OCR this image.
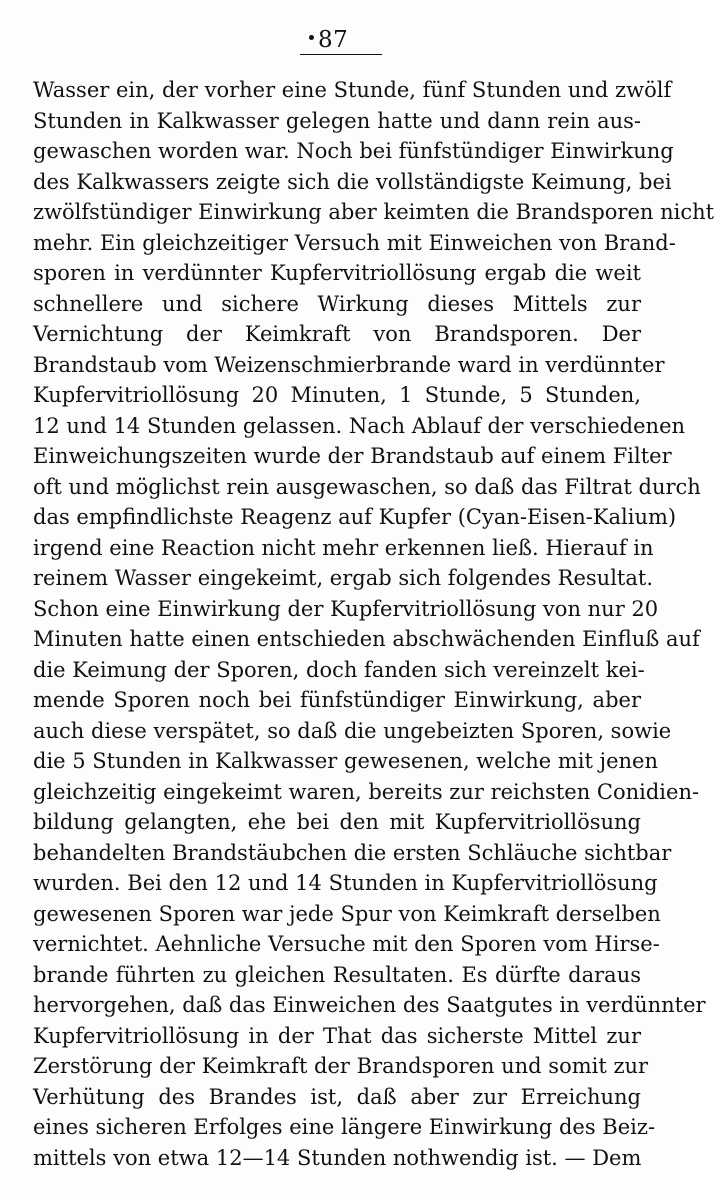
87
Wasser ein, der vorher eine Stunde, fünf Stunden und zwölf
Stunden in Kalkwasser gelegen hatte und dann rein aus-
gewaschen worden war. Noch bei fünfstündiger Einwirkung
des Kalkwassers zeigte sich die vollständigste Keimung, bei
zwölfstündiger Einwirkung aber keimten die Brandsporen nicht
mehr. Ein gleichzeitiger Versuch mit Einweichen von Brand-
sporen in verdünnter Kupfervitriollösung ergab die weit
schnellere und sichere Wirkung dieses Mittels zur
Vernichtung der Keimkraft von Brandsporen. Der
Brandstaub vom Weizenschmierbrande ward in verdünnter
Kupfervitriollösung 20 Minuten, 1 Stunde, 5 Stunden,
12 und 14 Stunden gelassen. Nach Ablauf der verschiedenen
Einweichungszeiten wurde der Brandstaub auf einem Filter
oft und möglichst rein ausgewaschen, so daß das Filtrat durch
das empfindlichste Reagenz auf Kupfer (Cyan-Eisen-Kalium)
irgend eine Reaction nicht mehr erkennen ließ. Hierauf in
reinem Wasser eingekeimt, ergab sich folgendes Resultat.
Schon eine Einwirkung der Kupfervitriollösung von nur 20
Minuten hatte einen entschieden abschwächenden Einfluß auf
die Keimung der Sporen, doch fanden sich vereinzelt kei-
mende Sporen noch bei fünfstündiger Einwirkung, aber
auch diese verspätet, so daß die ungebeizten Sporen, sowie
die 5 Stunden in Kalkwasser gewesenen, welche mit jenen
gleichzeitig eingekeimt waren, bereits zur reichsten Conidien-
bildung gelangten, ehe bei den mit Kupfervitriollösung
behandelten Brandstäubchen die ersten Schläuche sichtbar
wurden. Bei den 12 und 14 Stunden in Kupfervitriollösung
gewesenen Sporen war jede Spur von Keimkraft derselben
vernichtet. Aehnliche Versuche mit den Sporen vom Hirse-
brande führten zu gleichen Resultaten. Es dürfte daraus
hervorgehen, daß das Einweichen des Saatgutes in verdünnter
Kupfervitriollösung in der That das sicherste Mittel zur
Zerstörung der Keimkraft der Brandsporen und somit zur
Verhütung des Brandes ist, daß aber zur Erreichung
eines sicheren Erfolges eine längere Einwirkung des Beiz-
mittels von etwa 12—14 Stunden nothwendig ist. — Dem
